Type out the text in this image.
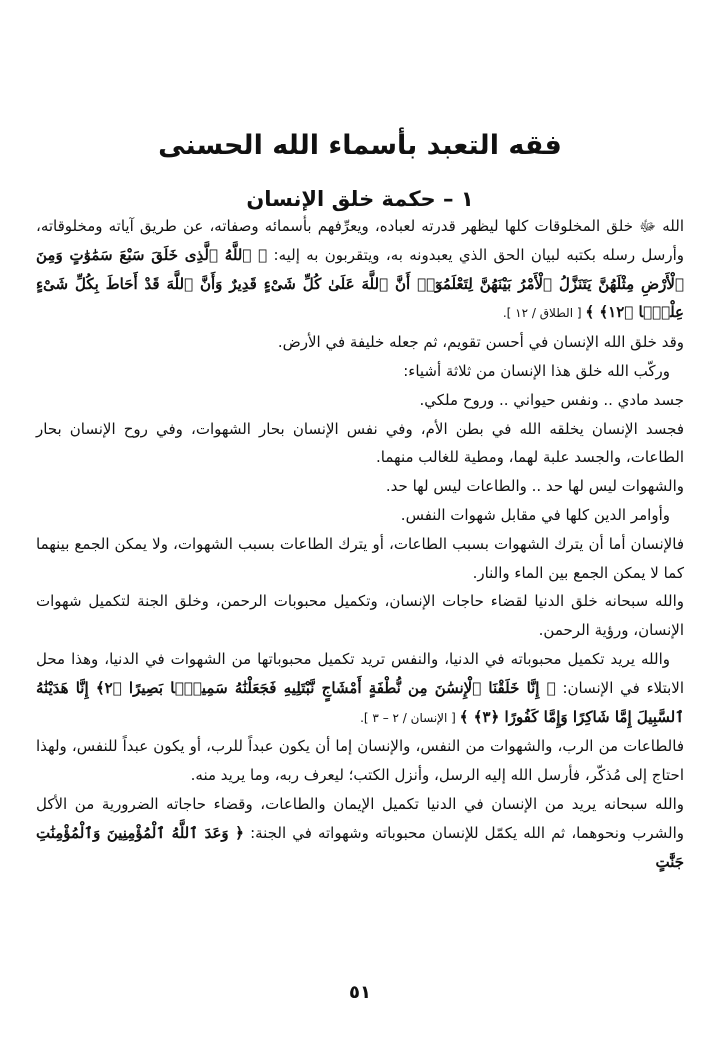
فقه التعبد بأسماء الله الحسنى
١ – حكمة خلق الإنسان

الله ﷻ خلق المخلوقات كلها ليظهر قدرته لعباده، ويعرِّفهم بأسمائه وصفاته، عن طريق آياته ومخلوقاته، وأرسل رسله بكتبه لبيان الحق الذي يعبدونه به، ويتقربون به إليه: ﴿ ٱللَّهُ ٱلَّذِى خَلَقَ سَبْعَ سَمَٰوَٰتٍ وَمِنَ ٱلْأَرْضِ مِثْلَهُنَّ يَتَنَزَّلُ ٱلْأَمْرُ بَيْنَهُنَّ لِتَعْلَمُوٓا۟ أَنَّ ٱللَّهَ عَلَىٰ كُلِّ شَىْءٍ قَدِيرٌ وَأَنَّ ٱللَّهَ قَدْ أَحَاطَ بِكُلِّ شَىْءٍ عِلْمًۢا ﴿١٢﴾ ﴾ [ الطلاق / ١٢ ].

وقد خلق الله الإنسان في أحسن تقويم، ثم جعله خليفة في الأرض.

وركّب الله خلق هذا الإنسان من ثلاثة أشياء:

جسد مادي .. ونفس حيواني .. وروح ملكي.

فجسد الإنسان يخلقه الله في بطن الأم، وفي نفس الإنسان بحار الشهوات، وفي روح الإنسان بحار الطاعات، والجسد علبة لهما، ومطية للغالب منهما.

والشهوات ليس لها حد .. والطاعات ليس لها حد.

وأوامر الدين كلها في مقابل شهوات النفس.

فالإنسان أما أن يترك الشهوات بسبب الطاعات، أو يترك الطاعات بسبب الشهوات، ولا يمكن الجمع بينهما كما لا يمكن الجمع بين الماء والنار.

والله سبحانه خلق الدنيا لقضاء حاجات الإنسان، وتكميل محبوبات الرحمن، وخلق الجنة لتكميل شهوات الإنسان، ورؤية الرحمن.

والله يريد تكميل محبوباته في الدنيا، والنفس تريد تكميل محبوباتها من الشهوات في الدنيا، وهذا محل الابتلاء في الإنسان: ﴿ إِنَّا خَلَقْنَا ٱلْإِنسَٰنَ مِن نُّطْفَةٍ أَمْشَاجٍ نَّبْتَلِيهِ فَجَعَلْنَٰهُ سَمِيعًۢا بَصِيرًا ﴿٢﴾ إِنَّا هَدَيْنَٰهُ ٱلسَّبِيلَ إِمَّا شَاكِرًا وَإِمَّا كَفُورًا ﴿٣﴾ ﴾ [ الإنسان / ٢ – ٣ ].

فالطاعات من الرب، والشهوات من النفس، والإنسان إما أن يكون عبداً للرب، أو يكون عبداً للنفس، ولهذا احتاج إلى مُذكّر، فأرسل الله إليه الرسل، وأنزل الكتب؛ ليعرف ربه، وما يريد منه.

والله سبحانه يريد من الإنسان في الدنيا تكميل الإيمان والطاعات، وقضاء حاجاته الضرورية من الأكل والشرب ونحوهما، ثم الله يكمّل للإنسان محبوباته وشهواته في الجنة: ﴿ وَعَدَ ٱللَّهُ ٱلْمُؤْمِنِينَ وَٱلْمُؤْمِنَٰتِ جَنَّٰتٍ

٥١
